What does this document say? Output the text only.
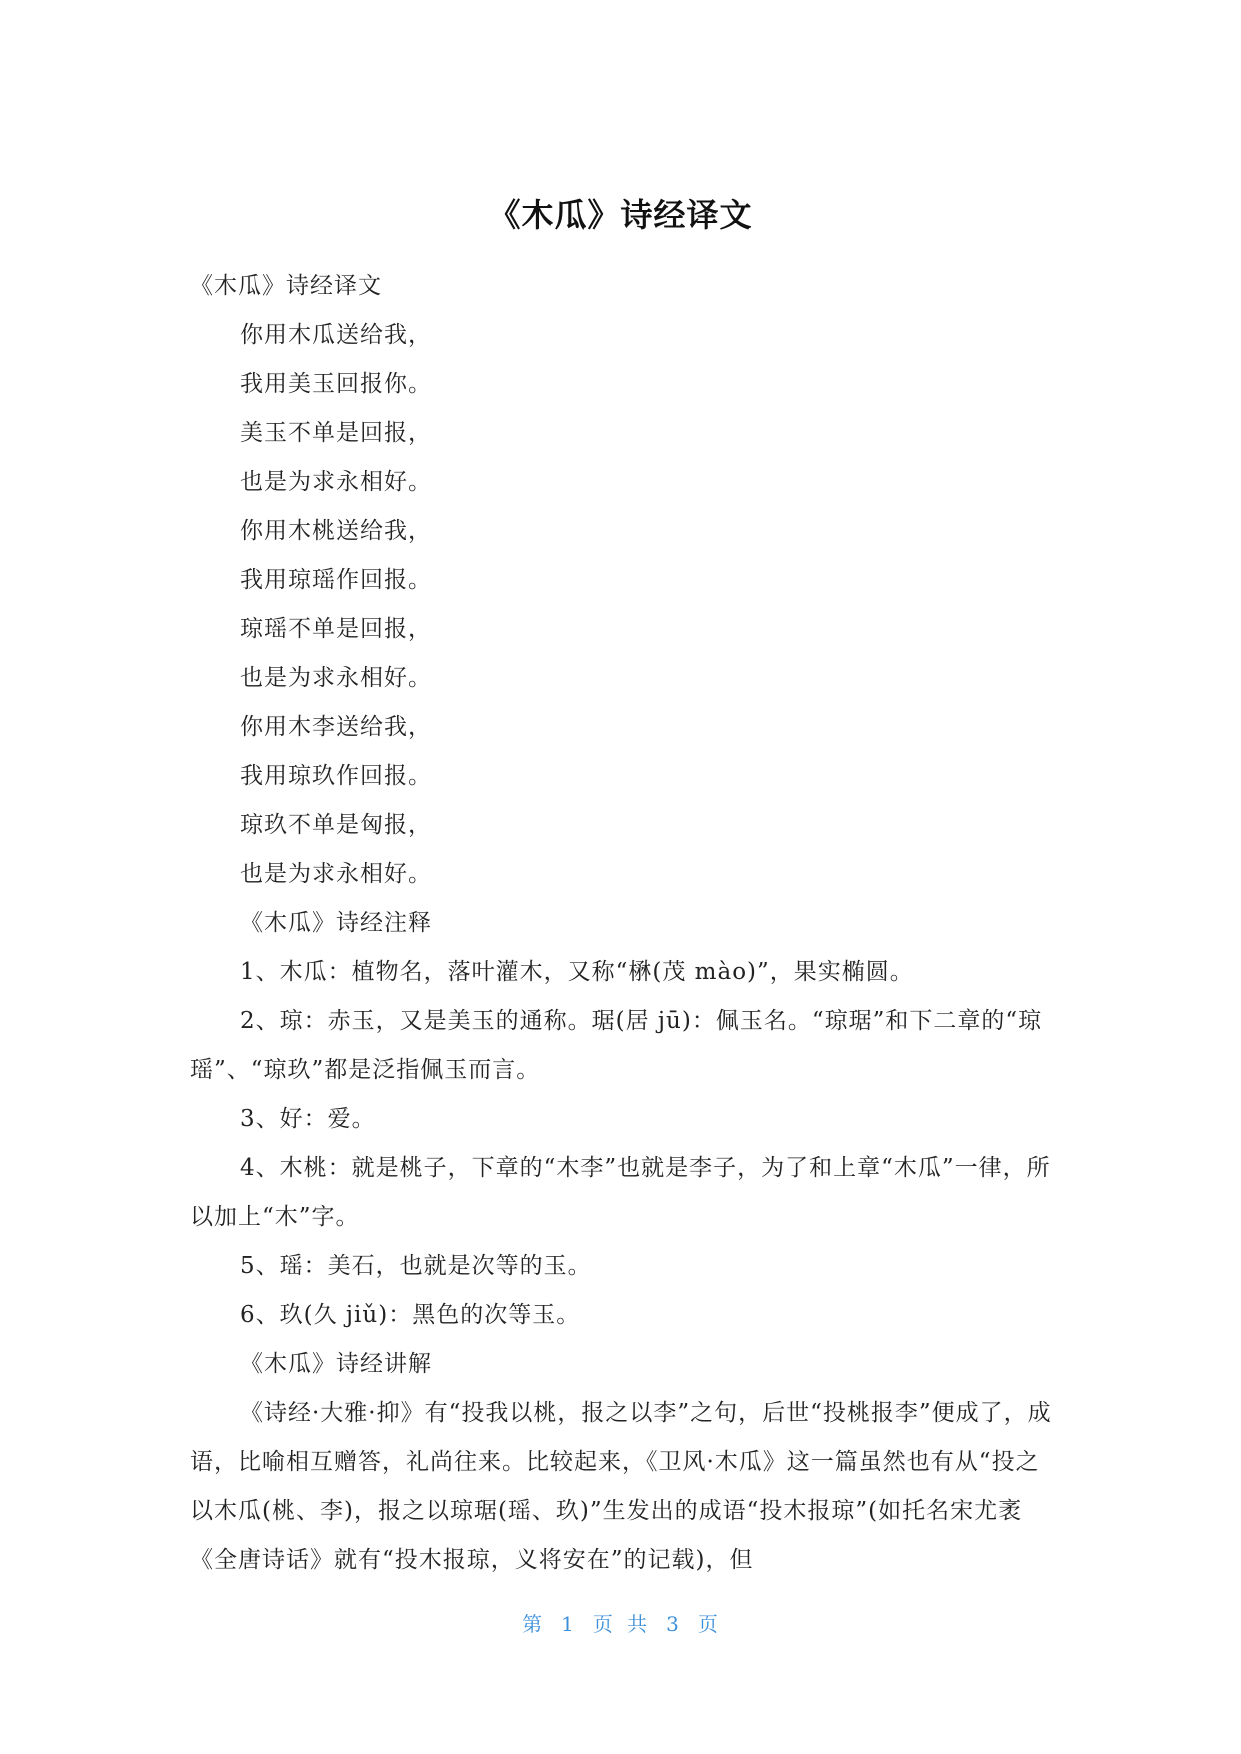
《木瓜》诗经译文

《木瓜》诗经译文

你用木瓜送给我，

我用美玉回报你。

美玉不单是回报，

也是为求永相好。

你用木桃送给我，

我用琼瑶作回报。

琼瑶不单是回报，

也是为求永相好。

你用木李送给我，

我用琼玖作回报。

琼玖不单是匈报，

也是为求永相好。

《木瓜》诗经注释

1、木瓜：植物名，落叶灌木，又称“楙(茂 mào)”，果实椭圆。

2、琼：赤玉，又是美玉的通称。琚(居 jū)：佩玉名。“琼琚”和下二章的“琼瑶”、“琼玖”都是泛指佩玉而言。

3、好：爱。

4、木桃：就是桃子，下章的“木李”也就是李子，为了和上章“木瓜”一律，所以加上“木”字。

5、瑶：美石，也就是次等的玉。

6、玖(久 jiǔ)：黑色的次等玉。

《木瓜》诗经讲解

《诗经·大雅·抑》有“投我以桃，报之以李”之句，后世“投桃报李”便成了，成语，比喻相互赠答，礼尚往来。比较起来，《卫风·木瓜》这一篇虽然也有从“投之以木瓜(桃、李)，报之以琼琚(瑶、玖)”生发出的成语“投木报琼”(如托名宋尤袤《全唐诗话》就有“投木报琼，义将安在”的记载)，但

第 1 页 共 3 页
